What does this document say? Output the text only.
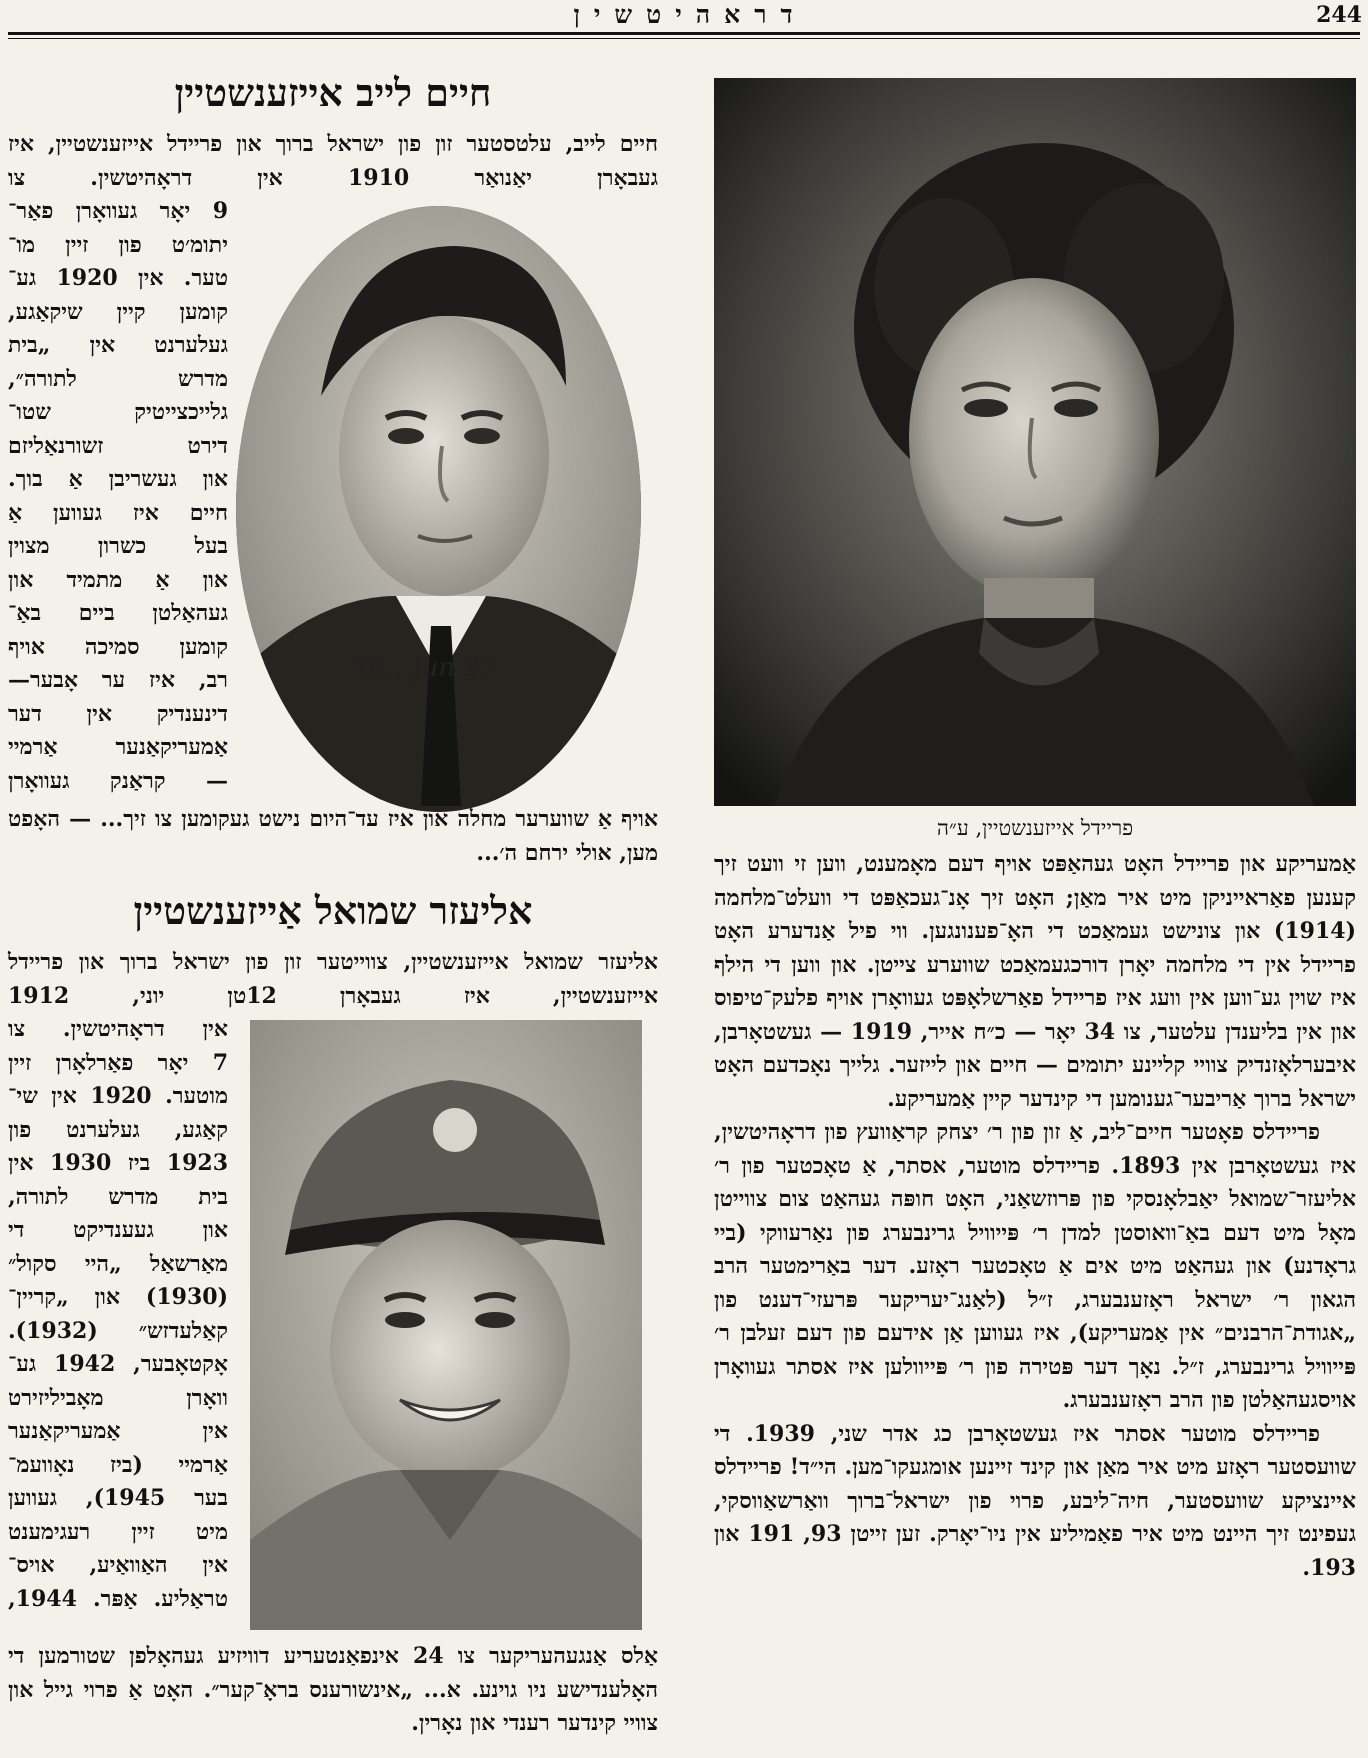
דראהיטשין	244
פריידל אייזענשטיין, ע״ה

אַמעריקע און פריידל האָט געהאַפּט אויף דעם מאָמענט, ווען זי וועט זיך קענען פאַראייניקן מיט איר מאַן; האָט זיך אָנ־געכאַפּט די וועלט־מלחמה (1914) און צונישט געמאַכט די האָ־פענונגען. ווי פיל אַנדערע האָט פריידל אין די מלחמה יאָרן דורכגעמאַכט שווערע צייטן. און ווען די הילף איז שוין גע־ווען אין וועג איז פריידל פאַרשלאָפּט געוואָרן אויף פלעק־טיפוס און אין בליענדן עלטער, צו 34 יאָר — כ״ח אייר, 1919 — געשטאָרבן, איבערלאָזנדיק צוויי קליינע יתומים — חיים און לייזער. גלייך נאָכדעם האָט ישראל ברוך אַריבער־גענומען די קינדער קיין אַמעריקע.

פריידלס פאָטער חיים־ליב, אַ זון פון ר׳ יצחק קראַוועץ פון דראָהיטשין, איז געשטאָרבן אין 1893. פריידלס מוטער, אסתר, אַ טאָכטער פון ר׳ אליעזר־שמואל יאַבלאָנסקי פון פּרוזשאַני, האָט חופּה געהאַט צום צווייטן מאָל מיט דעם באַ־וואוסטן למדן ר׳ פּייוויל גרינבערג פון נאַרעווקי (ביי גראָדנע) און געהאַט מיט אים אַ טאָכטער ראָזע. דער באַרימטער הרב הגאון ר׳ ישראל ראָזענבערג, ז״ל (לאַנג־יעריקער פּרעזי־דענט פון „אגודת־הרבנים״ אין אַמעריקע), איז געווען אַן אידעם פון דעם זעלבן ר׳ פּייוויל גרינבערג, ז״ל. נאָך דער פּטירה פון ר׳ פּייוולען איז אסתר געוואָרן אויסגעהאַלטן פון הרב ראָזענבערג.

פריידלס מוטער אסתר איז געשטאָרבן כג אדר שני, 1939. די שוועסטער ראָזע מיט איר מאַן און קינד זיינען אומגעקו־מען. הי״ד! פריידלס איינציקע שוועסטער, חיה־ליבע, פרוי פון ישראל־ברוך וואַרשאַווסקי, געפינט זיך היינט מיט איר פאַמיליע אין ניו־יאָרק. זען זייטן 93, 191 און 193.

חיים לייב אייזענשטיין
חיים לייב, עלטסטער זון פון ישראל ברוך און פריידל אייזענשטיין, איז געבאָרן יאַנואַר 1910 אין דראָהיטשין. צו
W... Jun 27
9 יאָר געוואָרן פאַר־
יתומ׳ט פון זיין מו־
טער. אין 1920 גע־
קומען קיין שיקאַגע,
געלערנט אין „בית
מדרש לתורה״,
גלייכצייטיק שטו־
דירט זשורנאַליזם
און געשריבן אַ בוך.
חיים איז געווען אַ
בעל כשרון מצוין
און אַ מתמיד און
געהאַלטן ביים באַ־
קומען סמיכה אויף
רב, איז ער אָבער—
דינענדיק אין דער
אַמעריקאַנער אַרמיי
— קראַנק געוואָרן
אויף אַ שווערער מחלה און איז עד־היום נישט געקומען צו זיך... — האָפט מען, אולי ירחם ה׳...
אליעזר שמואל אַייזענשטיין
אליעזר שמואל אייזענשטיין, צווייטער זון פון ישראל ברוך און פריידל אייזענשטיין, איז געבאָרן 12טן יוני, 1912
אין דראָהיטשין. צו
7 יאָר פאַרלאָרן זיין
מוטער. 1920 אין שי־
קאַגע, געלערנט פון
1923 ביז 1930 אין
בית מדרש לתורה,
און געענדיקט די
מאַרשאַל „היי סקול״
(1930) און „קריין־
קאַלעדזש״ (1932).
אָקטאָבער, 1942 גע־
וואָרן מאָביליזירט
אין אַמעריקאַנער
אַרמיי (ביז נאָוועמ־
בער 1945), געווען
מיט זיין רעגימענט
אין האַוואַיע, אויס־
טראַליע. אַפּר. 1944,
אַלס אַנגעהעריקער צו 24 אינפאַנטעריע דוויזיע געהאָלפן שטורמען די האָלענדישע ניו גוינע. א... „אינשורענס בראָ־קער״. האָט אַ פרוי גייל און צוויי קינדער רענדי און נאָרין.
